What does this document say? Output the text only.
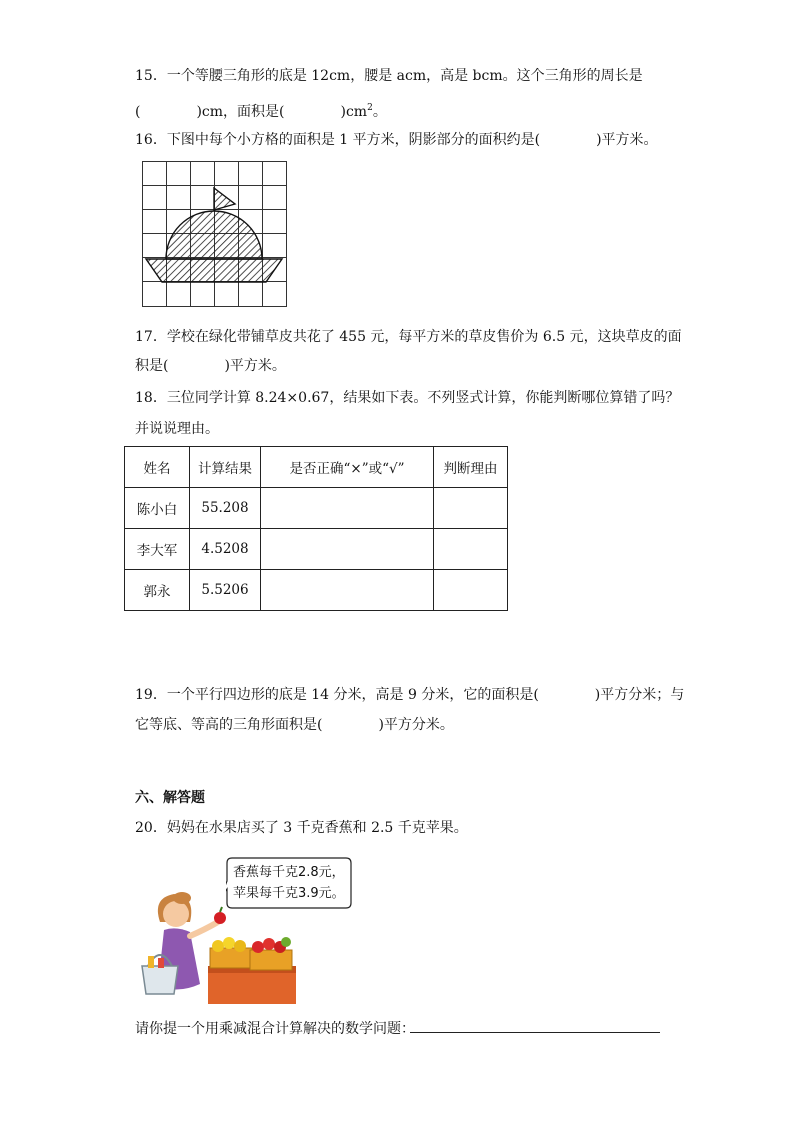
15．一个等腰三角形的底是 12cm，腰是 acm，高是 bcm。这个三角形的周长是
(　　　　)cm，面积是(　　　　)$cm^2$。
16．下图中每个小方格的面积是 1 平方米，阴影部分的面积约是(　　　　)平方米。
17．学校在绿化带铺草皮共花了 455 元，每平方米的草皮售价为 6.5 元，这块草皮的面
积是(　　　　)平方米。
18．三位同学计算 8.24×0.67，结果如下表。不列竖式计算，你能判断哪位算错了吗？
并说说理由。
姓名	计算结果	是否正确“×”或“√”	判断理由
陈小白	55.208		
李大军	4.5208		
郭永	5.5206		
19．一个平行四边形的底是 14 分米，高是 9 分米，它的面积是(　　　　)平方分米；与
它等底、等高的三角形面积是(　　　　)平方分米。
六、解答题
20．妈妈在水果店买了 3 千克香蕉和 2.5 千克苹果。
香蕉每千克2.8元，
苹果每千克3.9元。
请你提一个用乘减混合计算解决的数学问题：
